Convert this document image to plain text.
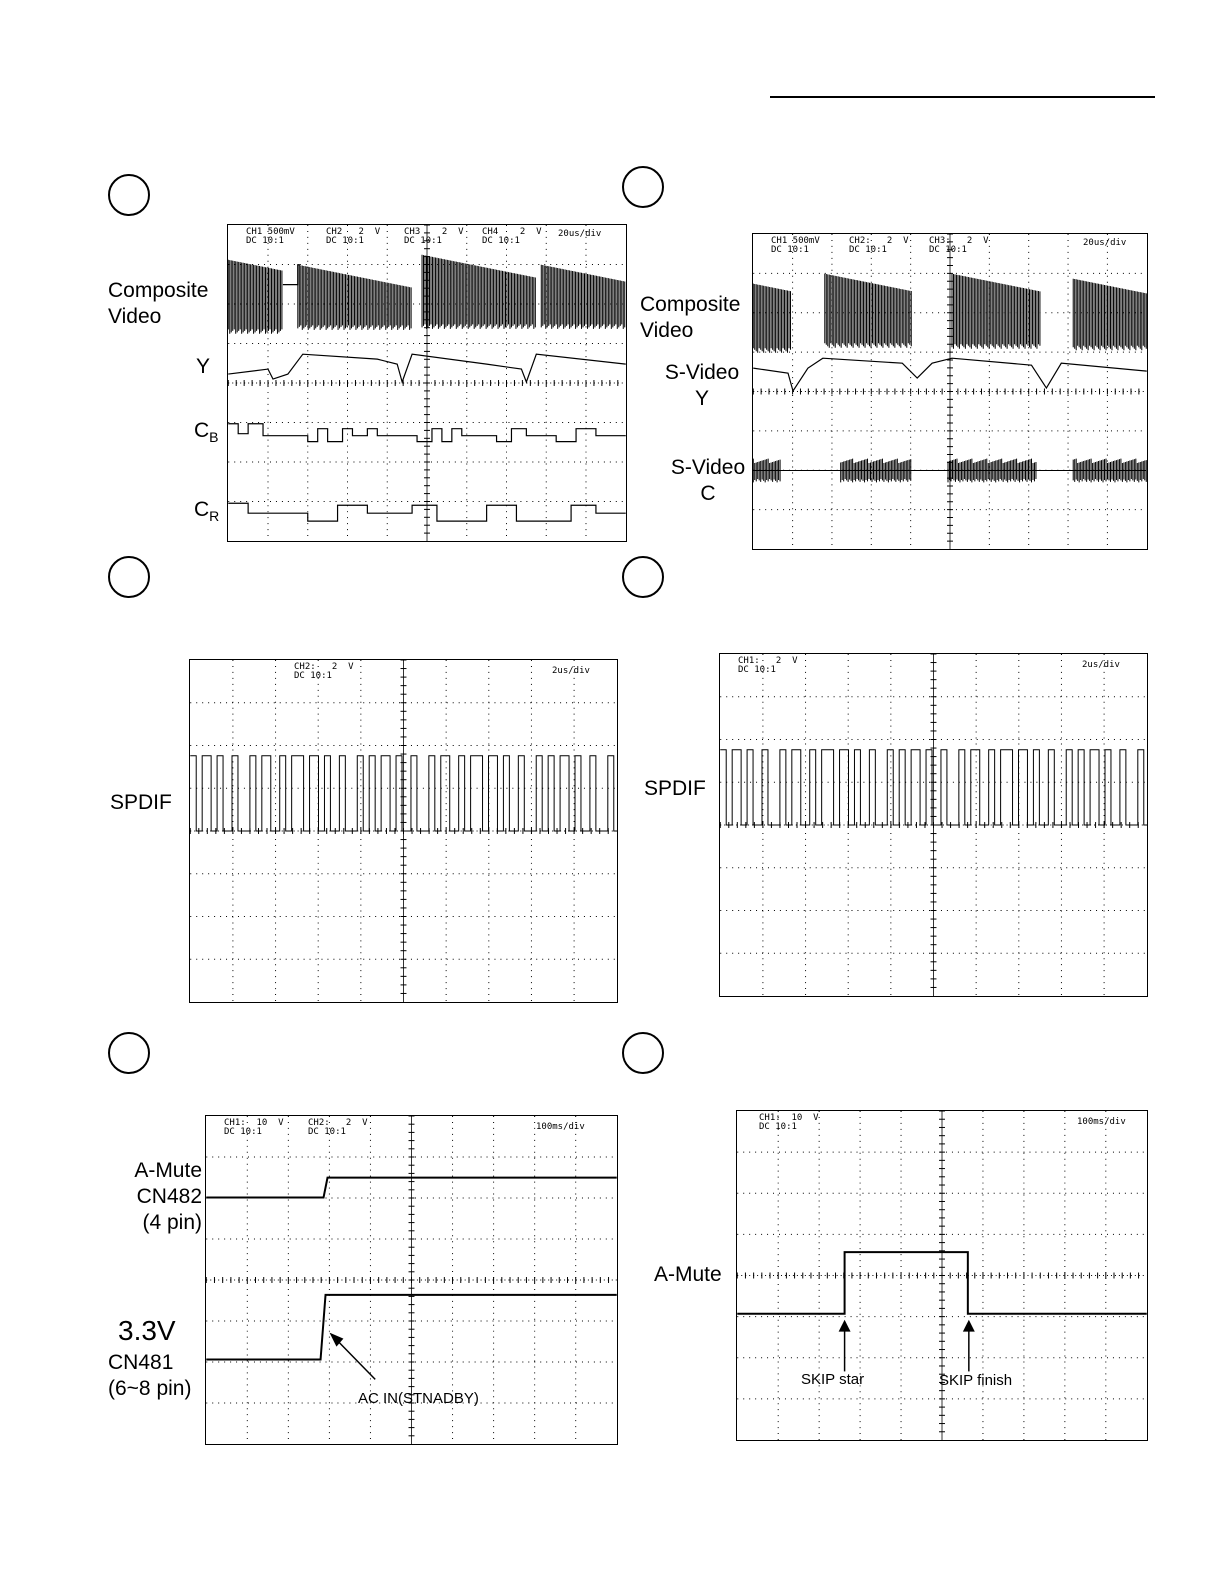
Composite
Video
Y
$C_B$
$C_R$
CH1 500mV
DC 10:1
CH2   2  V
DC 10:1
CH3    2  V
DC 10:1
CH4    2  V
DC 10:1
20us/div
Composite
Video
S-Video
Y
S-Video
C
CH1 500mV
DC 10:1
CH2:   2  V
DC 10:1
CH3:   2  V
DC 10:1
20us/div
SPDIF
CH2:   2  V
DC 10:1	2us/div
SPDIF
CH1:   2  V
DC 10:1	2us/div
A-Mute
CN482
(4 pin)
3.3V
CN481
(6~8 pin)
CH1:  10  V
DC 10:1
CH2:   2  V
DC 10:1	100ms/div
AC IN(STNADBY)
A-Mute
CH1:  10  V
DC 10:1	100ms/div
SKIP star	SKIP finish
